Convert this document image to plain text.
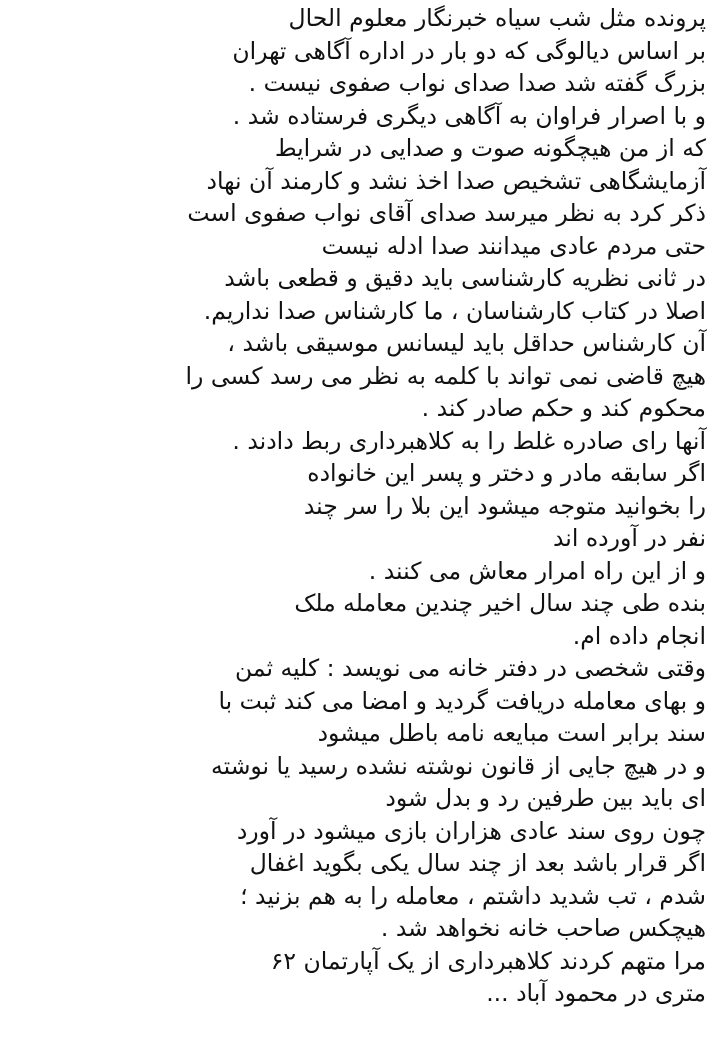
پرونده مثل شب سیاه خبرنگار معلوم الحال
بر اساس دیالوگی که دو بار در اداره آگاهی تهران
بزرگ گفته شد صدا صدای نواب صفوی نیست .
و با اصرار فراوان به آگاهی دیگری فرستاده شد .
که از من هیچگونه صوت و صدایی در شرایط
آزمایشگاهی تشخیص صدا اخذ نشد و کارمند آن نهاد
ذکر کرد به نظر میرسد صدای آقای نواب صفوی است
حتی مردم عادی میدانند صدا ادله نیست
در ثانی نظریه کارشناسی باید دقیق و قطعی باشد
اصلا در کتاب کارشناسان ، ما کارشناس صدا نداریم.
آن کارشناس حداقل باید لیسانس موسیقی باشد ،
هیچ قاضی نمی تواند با کلمه به نظر می رسد کسی را
محکوم کند و حکم صادر کند .
آنها رای صادره غلط را به کلاهبرداری ربط دادند .
اگر سابقه مادر و دختر و پسر این خانواده
را بخوانید متوجه میشود این بلا را سر چند
نفر در آورده اند
و از این راه امرار معاش می کنند .
بنده طی چند سال اخیر چندین معامله ملک
انجام داده ام.
وقتی شخصی در دفتر خانه می نویسد : کلیه ثمن
و بهای معامله دریافت گردید و امضا می کند ثبت با
سند برابر است مبایعه نامه باطل میشود
و در هیچ جایی از قانون نوشته نشده رسید یا نوشته
ای باید بین طرفین رد و بدل شود
چون روی سند عادی هزاران بازی میشود در آورد
اگر قرار باشد بعد از چند سال یکی بگوید اغفال
شدم ، تب شدید داشتم ، معامله را به هم بزنید ؛
هیچکس صاحب خانه نخواهد شد .
مرا متهم کردند کلاهبرداری از یک آپارتمان ۶۲
متری در محمود آباد ...
